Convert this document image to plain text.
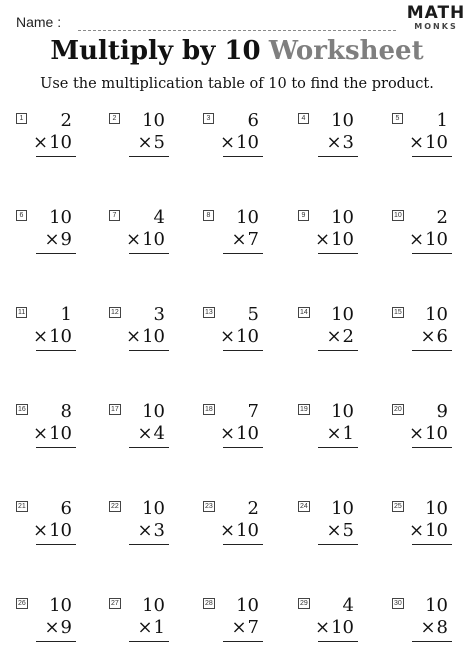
Name :	MATH
MONKS
Multiply by 10 Worksheet
Use the multiplication table of 10 to find the product.
1 2
×10
2 10
×5
3 6
×10
4 10
×3
5 1
×10
6 10
×9
7 4
×10
8 10
×7
9 10
×10
10 2
×10
11 1
×10
12 3
×10
13 5
×10
14 10
×2
15 10
×6
16 8
×10
17 10
×4
18 7
×10
19 10
×1
20 9
×10
21 6
×10
22 10
×3
23 2
×10
24 10
×5
25 10
×10
26 10
×9
27 10
×1
28 10
×7
29 4
×10
30 10
×8
